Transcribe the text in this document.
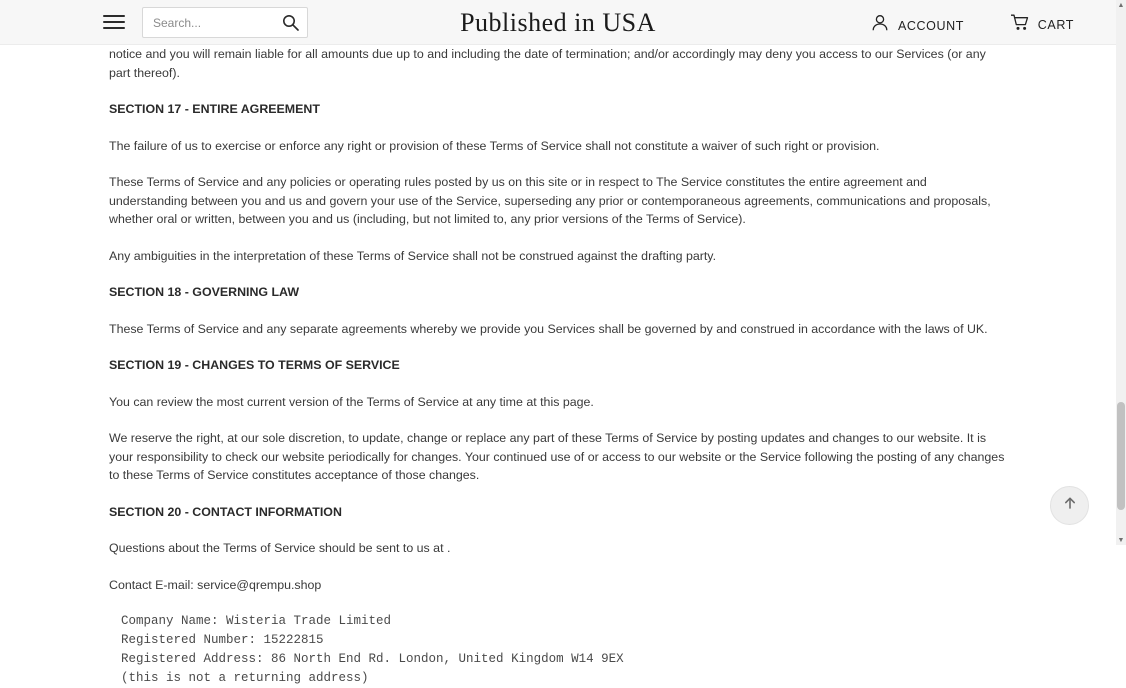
Search...
Published in USA	ACCOUNT	CART

notice and you will remain liable for all amounts due up to and including the date of termination; and/or accordingly may deny you access to our Services (or any part thereof).

SECTION 17 - ENTIRE AGREEMENT

The failure of us to exercise or enforce any right or provision of these Terms of Service shall not constitute a waiver of such right or provision.

These Terms of Service and any policies or operating rules posted by us on this site or in respect to The Service constitutes the entire agreement and understanding between you and us and govern your use of the Service, superseding any prior or contemporaneous agreements, communications and proposals, whether oral or written, between you and us (including, but not limited to, any prior versions of the Terms of Service).

Any ambiguities in the interpretation of these Terms of Service shall not be construed against the drafting party.

SECTION 18 - GOVERNING LAW

These Terms of Service and any separate agreements whereby we provide you Services shall be governed by and construed in accordance with the laws of UK.

SECTION 19 - CHANGES TO TERMS OF SERVICE

You can review the most current version of the Terms of Service at any time at this page.

We reserve the right, at our sole discretion, to update, change or replace any part of these Terms of Service by posting updates and changes to our website. It is your responsibility to check our website periodically for changes. Your continued use of or access to our website or the Service following the posting of any changes to these Terms of Service constitutes acceptance of those changes.

SECTION 20 - CONTACT INFORMATION

Questions about the Terms of Service should be sent to us at .

Contact E-mail: service@qrempu.shop

Company Name: Wisteria Trade Limited
Registered Number: 15222815
Registered Address: 86 North End Rd. London, United Kingdom W14 9EX
(this is not a returning address)
▲
▼
